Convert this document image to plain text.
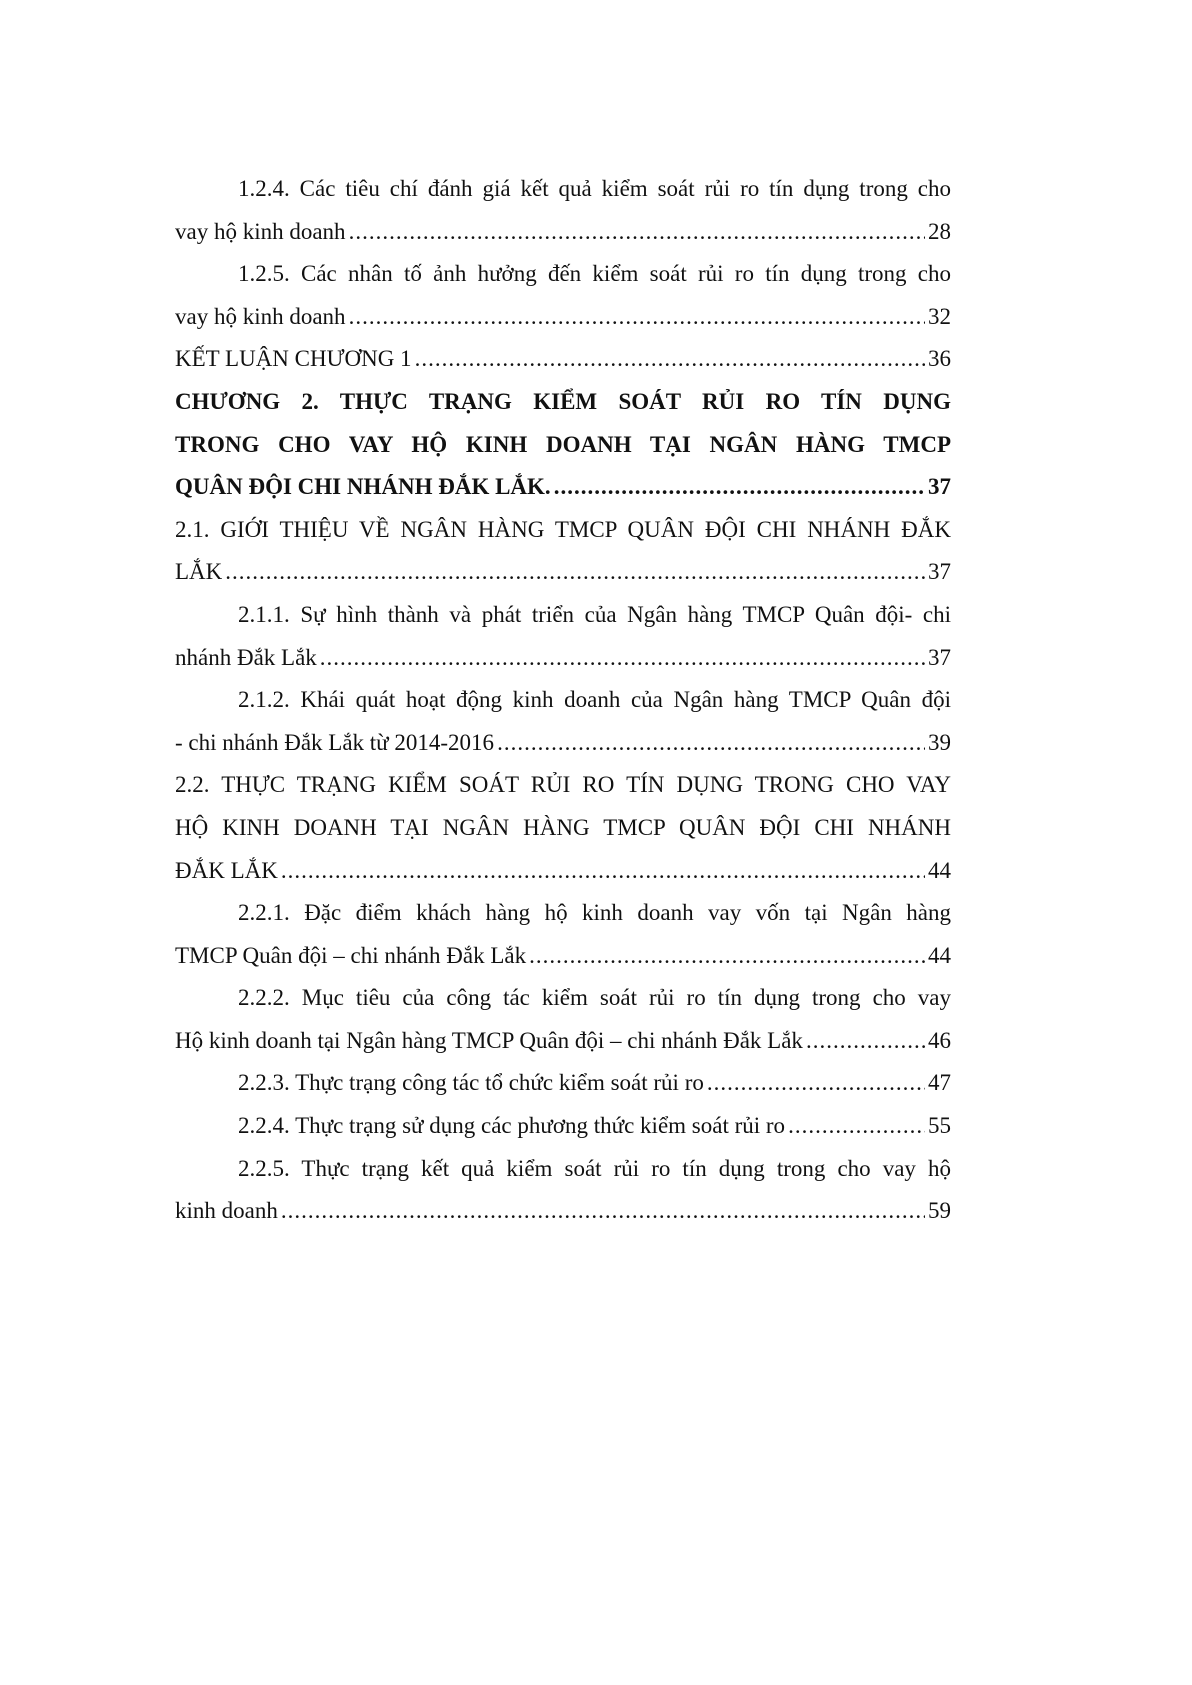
1.2.4. Các tiêu chí đánh giá kết quả kiểm soát rủi ro tín dụng trong cho
vay hộ kinh doanh .....	28
1.2.5. Các nhân tố ảnh hưởng đến kiểm soát rủi ro tín dụng trong cho
vay hộ kinh doanh .....	32
KẾT LUẬN CHƯƠNG 1 .....	36
CHƯƠNG 2. THỰC TRẠNG KIỂM SOÁT RỦI RO TÍN DỤNG
TRONG CHO VAY HỘ KINH DOANH TẠI NGÂN HÀNG TMCP
QUÂN ĐỘI CHI NHÁNH ĐẮK LẮK. .....	37
2.1. GIỚI THIỆU VỀ NGÂN HÀNG TMCP QUÂN ĐỘI CHI NHÁNH ĐẮK
LẮK .....	37
2.1.1. Sự hình thành và phát triển của Ngân hàng TMCP Quân đội- chi
nhánh Đắk Lắk .....	37
2.1.2. Khái quát hoạt động kinh doanh của Ngân hàng TMCP Quân đội
- chi nhánh Đắk Lắk từ 2014-2016 .....	39
2.2. THỰC TRẠNG KIỂM SOÁT RỦI RO TÍN DỤNG TRONG CHO VAY
HỘ KINH DOANH TẠI NGÂN HÀNG TMCP QUÂN ĐỘI CHI NHÁNH
ĐẮK LẮK .....	44
2.2.1. Đặc điểm khách hàng hộ kinh doanh vay vốn tại Ngân hàng
TMCP Quân đội – chi nhánh Đắk Lắk .....	44
2.2.2. Mục tiêu của công tác kiểm soát rủi ro tín dụng trong cho vay
Hộ kinh doanh tại Ngân hàng TMCP Quân đội – chi nhánh Đắk Lắk .....	46
2.2.3. Thực trạng công tác tổ chức kiểm soát rủi ro .....	47
2.2.4. Thực trạng sử dụng các phương thức kiểm soát rủi ro .....	55
2.2.5. Thực trạng kết quả kiểm soát rủi ro tín dụng trong cho vay hộ
kinh doanh .....	59
